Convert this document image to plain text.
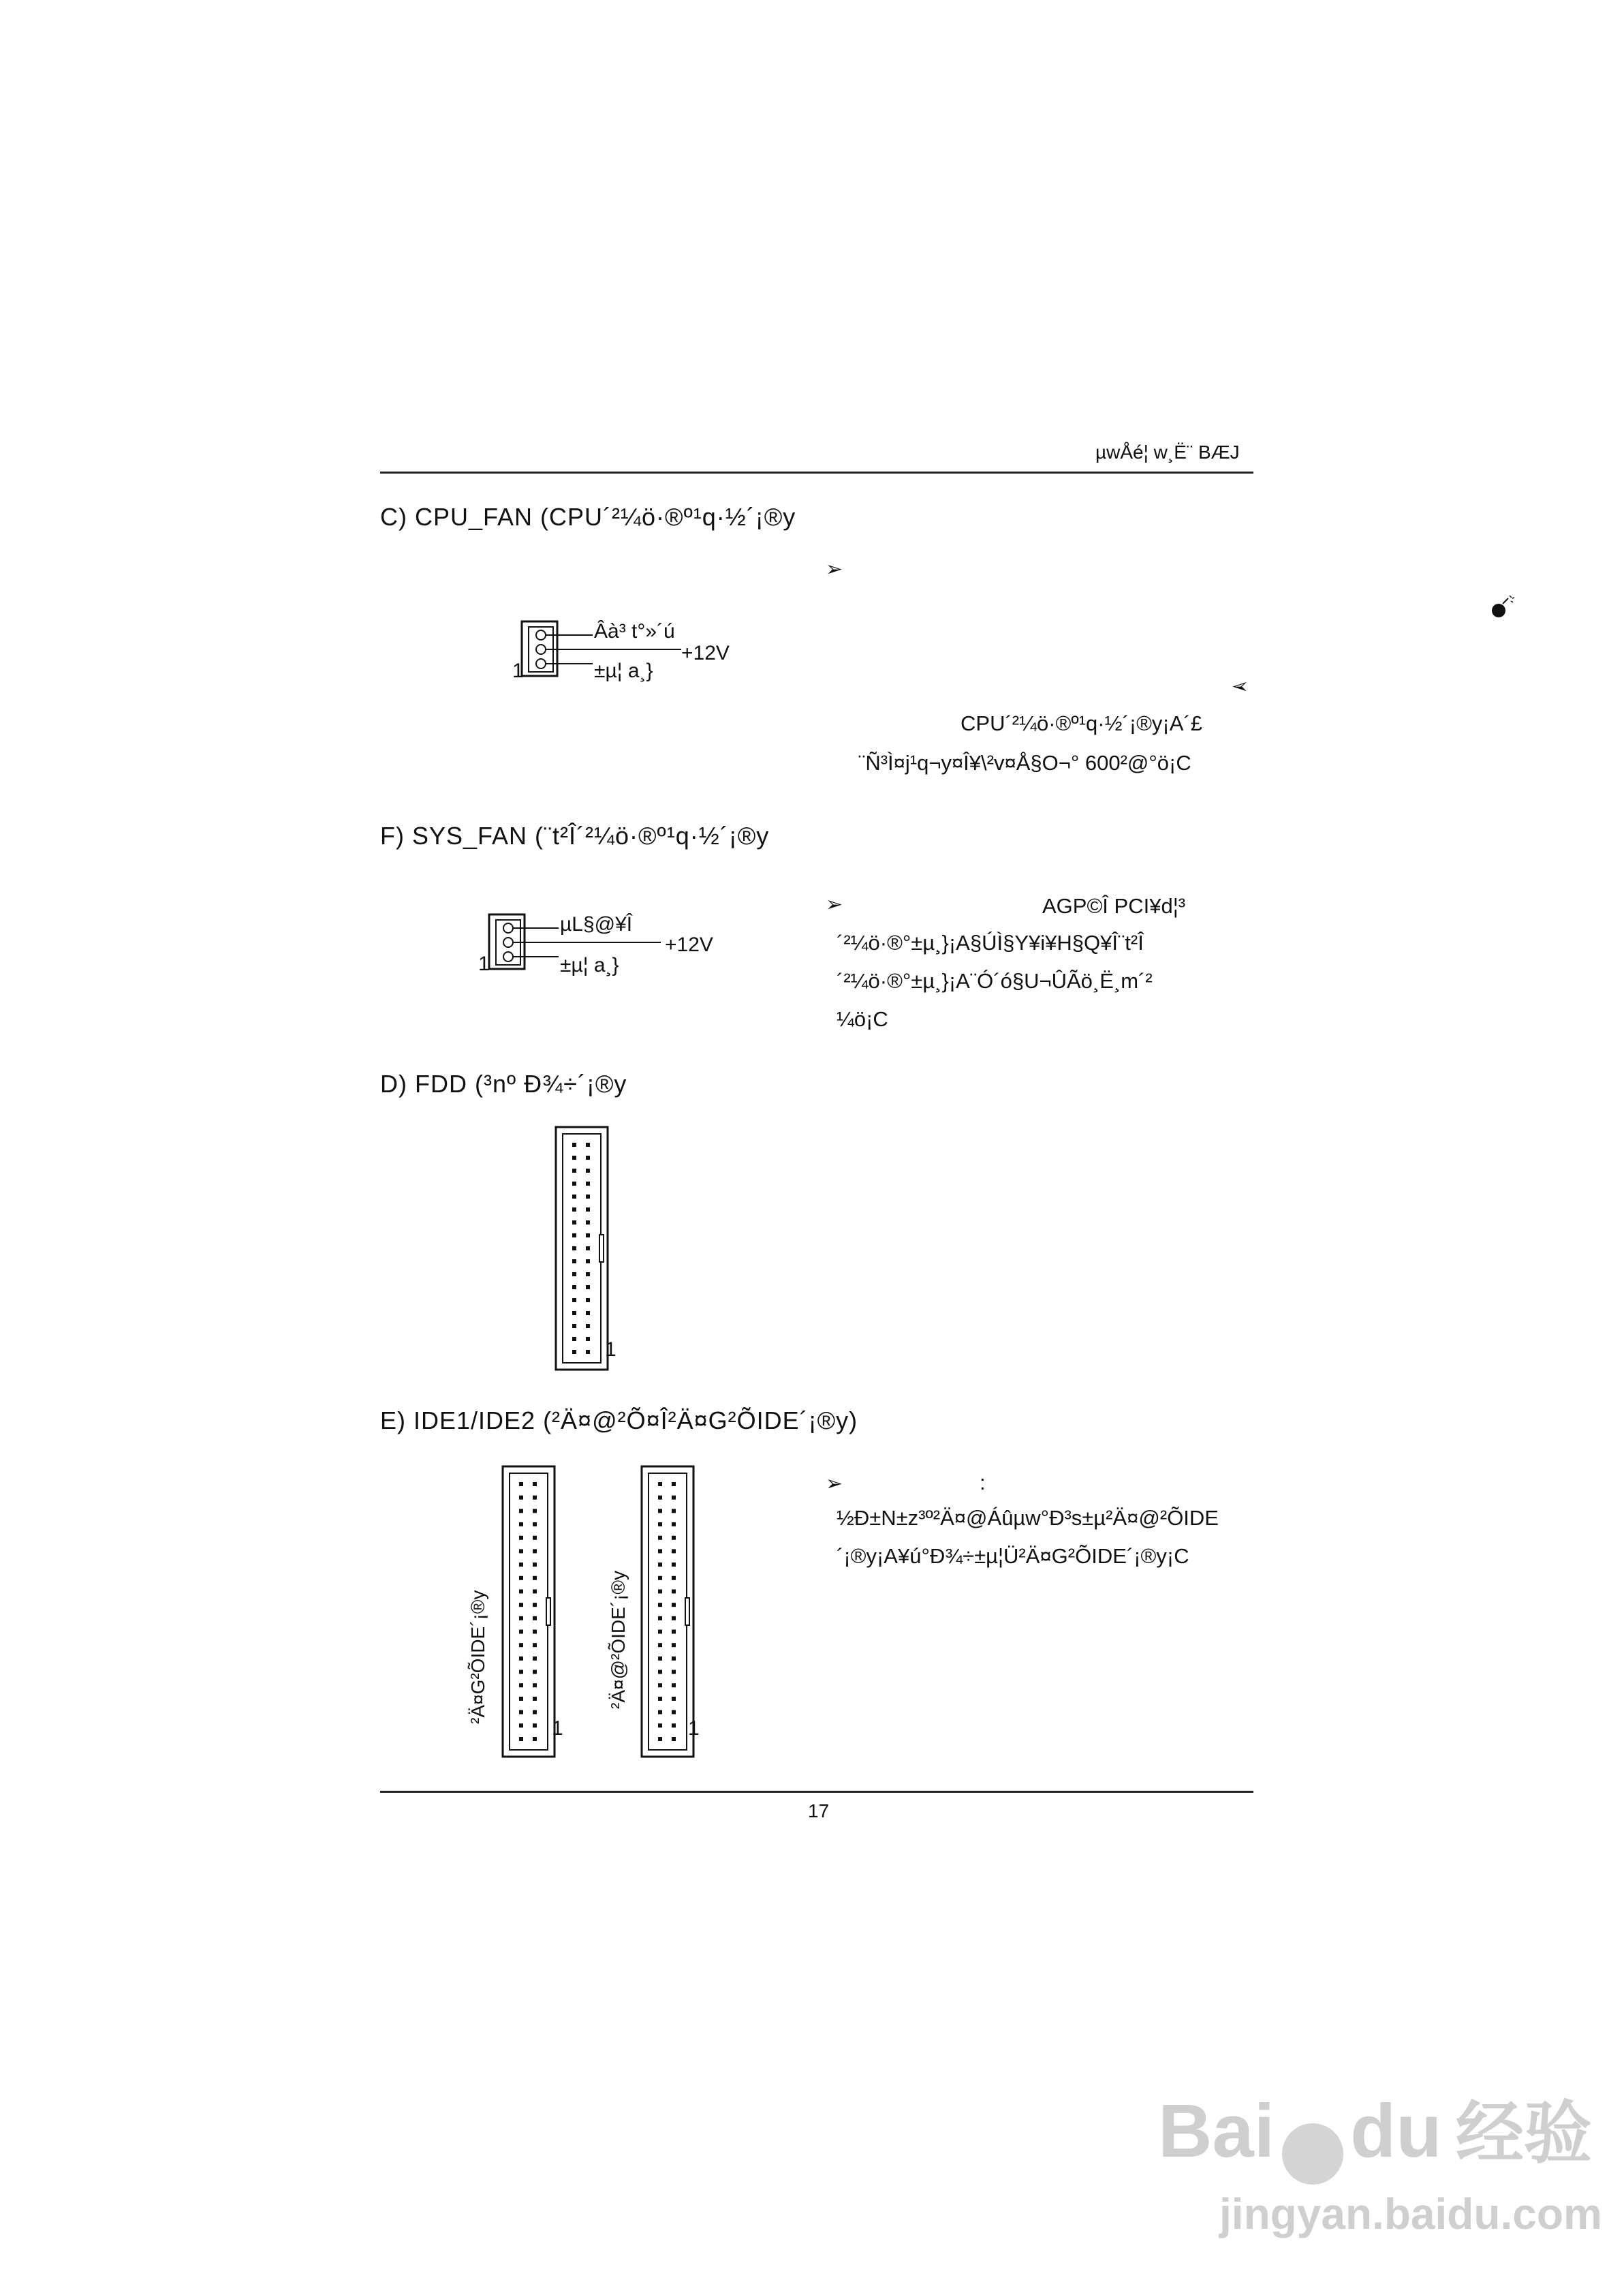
µwÅé¦ w¸Ë¨ BÆJ
C) CPU_FAN (CPU´²¼ö·®º¹q·½´¡®y
➢
Âà³ t°»´ú
+12V
±µ¦ a¸}
1
➢
CPU´²¼ö·®º¹q·½´¡®y¡A´£
¨Ñ³Ì¤j¹q¬y¤Î¥\²v¤Å§O¬° 600²@°ö¡C
F) SYS_FAN (¨t²Î´²¼ö·®º¹q·½´¡®y
µL§@¥Î
+12V
±µ¦ a¸}
1
➢	AGP©Î PCI¥d¦³
´²¼ö·®°±µ¸}¡A§ÚÌ§Y¥i¥H§Q¥Î¨t²Î
´²¼ö·®°±µ¸}¡A¨Ó´ó§U¬ÛÃö¸Ë¸m´²
¼ö¡C
D) FDD (³nº Ð¾÷´¡®y
1
E) IDE1/IDE2 (²Ä¤@²Õ¤Î²Ä¤G²ÕIDE´¡®y)
²Ä¤G²ÕIDE´¡®y	²Ä¤@²ÕIDE´¡®y
1	1
➢	:
½Ð±N±z³º²Ä¤@Áûµw°Ð³s±µ²Ä¤@²ÕIDE
´¡®y¡A¥ú°Ð¾÷±µ¦Ü²Ä¤G²ÕIDE´¡®y¡C
17
Bai du 经验
jingyan.baidu.com
